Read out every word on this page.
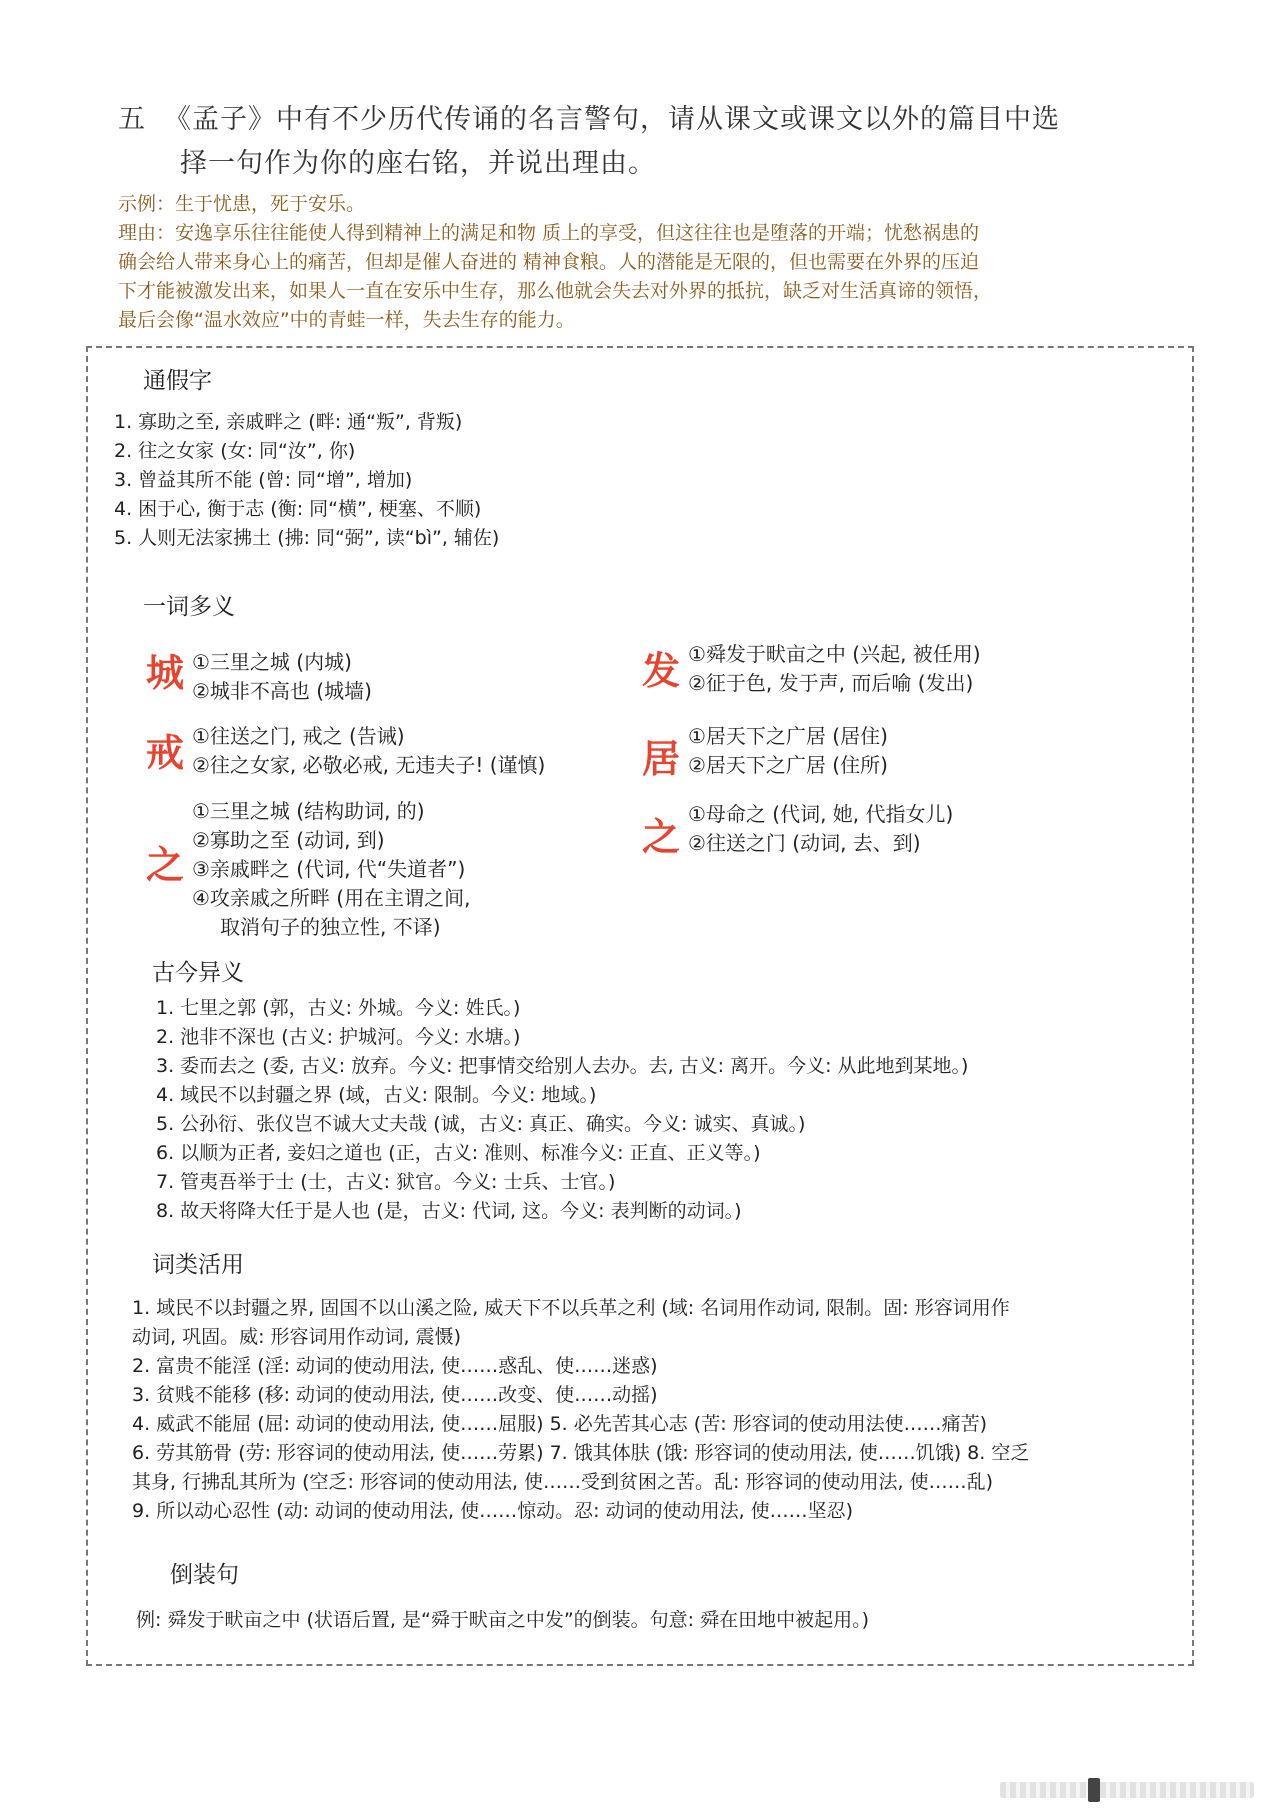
五 《孟子》中有不少历代传诵的名言警句，请从课文或课文以外的篇目中选
择一句作为你的座右铭，并说出理由。
示例：生于忧患，死于安乐。
理由：安逸享乐往往能使人得到精神上的满足和物 质上的享受，但这往往也是堕落的开端；忧愁祸患的
确会给人带来身心上的痛苦，但却是催人奋进的 精神食粮。人的潜能是无限的，但也需要在外界的压迫
下才能被激发出来，如果人一直在安乐中生存，那么他就会失去对外界的抵抗，缺乏对生活真谛的领悟，
最后会像“温水效应”中的青蛙一样，失去生存的能力。
通假字
1. 寡助之至, 亲戚畔之 (畔: 通“叛”, 背叛)
2. 往之女家 (女: 同“汝”, 你)
3. 曾益其所不能 (曾: 同“增”, 增加)
4. 困于心, 衡于志 (衡: 同“横”, 梗塞、不顺)
5. 人则无法家拂土 (拂: 同“弼”, 读“bì”, 辅佐)
一词多义
城 ①三里之城 (内城)
②城非不高也 (城墙)
戒 ①往送之门, 戒之 (告诫)
②往之女家, 必敬必戒, 无违夫子! (谨慎)
之
①三里之城 (结构助词, 的)
②寡助之至 (动词, 到)
③亲戚畔之 (代词, 代“失道者”)
④攻亲戚之所畔 (用在主谓之间,
取消句子的独立性, 不译)
发 ①舜发于畎亩之中 (兴起, 被任用)
②征于色, 发于声, 而后喻 (发出)
居
①居天下之广居 (居住)
②居天下之广居 (住所)
之
①母命之 (代词, 她, 代指女儿)
②往送之门 (动词, 去、到)
古今异义
1. 七里之郭 (郭，古义: 外城。今义: 姓氏。)
2. 池非不深也 (古义: 护城河。今义: 水塘。)
3. 委而去之 (委, 古义: 放弃。今义: 把事情交给别人去办。去, 古义: 离开。今义: 从此地到某地。)
4. 域民不以封疆之界 (域，古义: 限制。今义: 地域。)
5. 公孙衍、张仪岂不诚大丈夫哉 (诚，古义: 真正、确实。今义: 诚实、真诚。)
6. 以顺为正者, 妾妇之道也 (正，古义: 准则、标准今义: 正直、正义等。)
7. 管夷吾举于士 (士，古义: 狱官。今义: 士兵、士官。)
8. 故天将降大任于是人也 (是，古义: 代词, 这。今义: 表判断的动词。)
词类活用
1. 域民不以封疆之界, 固国不以山溪之险, 威天下不以兵革之利 (域: 名词用作动词, 限制。固: 形容词用作
动词, 巩固。威: 形容词用作动词, 震慑)
2. 富贵不能淫 (淫: 动词的使动用法, 使……惑乱、使……迷惑)
3. 贫贱不能移 (移: 动词的使动用法, 使……改变、使……动摇)
4. 威武不能屈 (屈: 动词的使动用法, 使……屈服) 5. 必先苦其心志 (苦: 形容词的使动用法使……痛苦)
6. 劳其筋骨 (劳: 形容词的使动用法, 使……劳累) 7. 饿其体肤 (饿: 形容词的使动用法, 使……饥饿) 8. 空乏
其身, 行拂乱其所为 (空乏: 形容词的使动用法, 使……受到贫困之苦。乱: 形容词的使动用法, 使……乱)
9. 所以动心忍性 (动: 动词的使动用法, 使……惊动。忍: 动词的使动用法, 使……坚忍)
倒装句
例: 舜发于畎亩之中 (状语后置, 是“舜于畎亩之中发”的倒装。句意: 舜在田地中被起用。)
